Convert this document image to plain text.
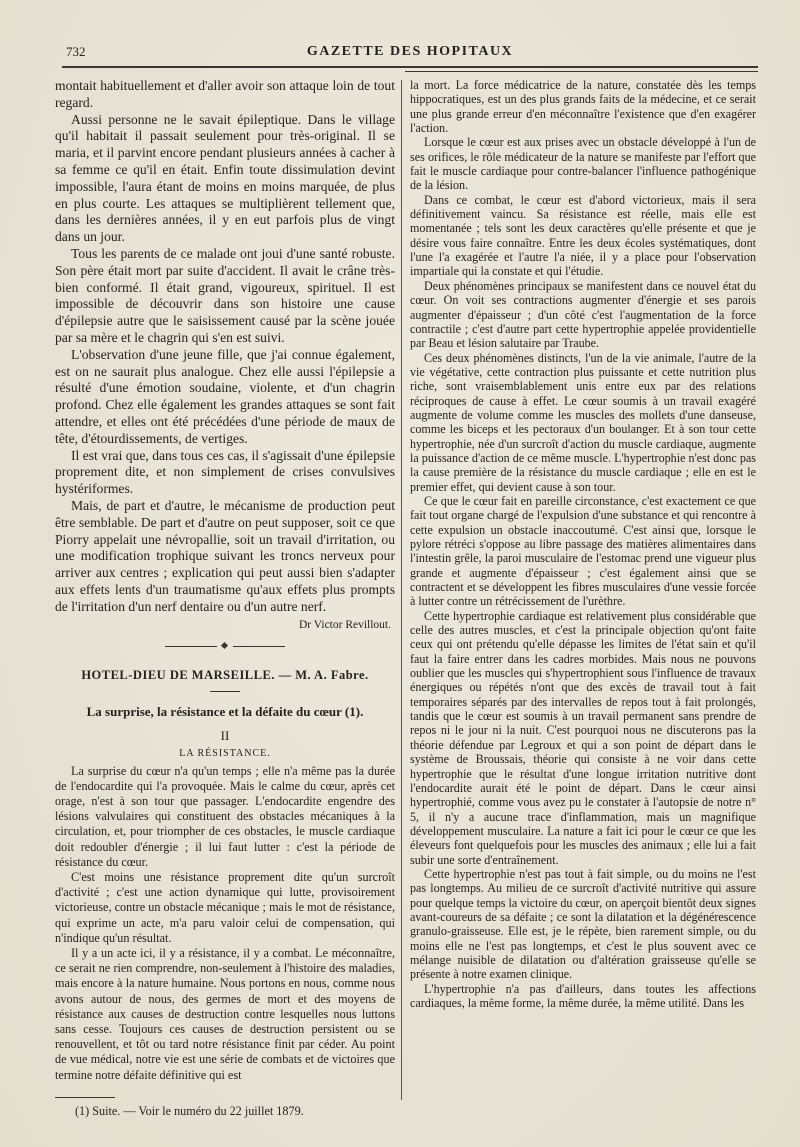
732	GAZETTE DES HOPITAUX

montait habituellement et d'aller avoir son attaque loin de tout regard.

Aussi personne ne le savait épileptique. Dans le village qu'il habitait il passait seulement pour très-original. Il se maria, et il parvint encore pendant plusieurs années à cacher à sa femme ce qu'il en était. Enfin toute dissimulation devint impossible, l'aura étant de moins en moins marquée, de plus en plus courte. Les attaques se multiplièrent tellement que, dans les dernières années, il y en eut parfois plus de vingt dans un jour.

Tous les parents de ce malade ont joui d'une santé robuste. Son père était mort par suite d'accident. Il avait le crâne très-bien conformé. Il était grand, vigoureux, spirituel. Il est impossible de découvrir dans son histoire une cause d'épilepsie autre que le saisissement causé par la scène jouée par sa mère et le chagrin qui s'en est suivi.

L'observation d'une jeune fille, que j'ai connue également, est on ne saurait plus analogue. Chez elle aussi l'épilepsie a résulté d'une émotion soudaine, violente, et d'un chagrin profond. Chez elle également les grandes attaques se sont fait attendre, et elles ont été précédées d'une période de maux de tête, d'étourdissements, de vertiges.

Il est vrai que, dans tous ces cas, il s'agissait d'une épilepsie proprement dite, et non simplement de crises convulsives hystériformes.

Mais, de part et d'autre, le mécanisme de production peut être semblable. De part et d'autre on peut supposer, soit ce que Piorry appelait une névropallie, soit un travail d'irritation, ou une modification trophique suivant les troncs nerveux pour arriver aux centres ; explication qui peut aussi bien s'adapter aux effets lents d'un traumatisme qu'aux effets plus prompts de l'irritation d'un nerf dentaire ou d'un autre nerf.

Dr Victor Revillout.
HOTEL-DIEU DE MARSEILLE. — M. A. Fabre.
La surprise, la résistance et la défaite du cœur (1).
II
LA RÉSISTANCE.

La surprise du cœur n'a qu'un temps ; elle n'a même pas la durée de l'endocardite qui l'a provoquée. Mais le calme du cœur, après cet orage, n'est à son tour que passager. L'endocardite engendre des lésions valvulaires qui constituent des obstacles mécaniques à la circulation, et, pour triompher de ces obstacles, le muscle cardiaque doit redoubler d'énergie ; il lui faut lutter : c'est la période de résistance du cœur.

C'est moins une résistance proprement dite qu'un surcroît d'activité ; c'est une action dynamique qui lutte, provisoirement victorieuse, contre un obstacle mécanique ; mais le mot de résistance, qui exprime un acte, m'a paru valoir celui de compensation, qui n'indique qu'un résultat.

Il y a un acte ici, il y a résistance, il y a combat. Le méconnaître, ce serait ne rien comprendre, non-seulement à l'histoire des maladies, mais encore à la nature humaine. Nous portons en nous, comme nous avons autour de nous, des germes de mort et des moyens de résistance aux causes de destruction contre lesquelles nous luttons sans cesse. Toujours ces causes de destruction persistent ou se renouvellent, et tôt ou tard notre résistance finit par céder. Au point de vue médical, notre vie est une série de combats et de victoires que termine notre défaite définitive qui est

(1) Suite. — Voir le numéro du 22 juillet 1879.

la mort. La force médicatrice de la nature, constatée dès les temps hippocratiques, est un des plus grands faits de la médecine, et ce serait une plus grande erreur d'en méconnaître l'existence que d'en exagérer l'action.

Lorsque le cœur est aux prises avec un obstacle développé à l'un de ses orifices, le rôle médicateur de la nature se manifeste par l'effort que fait le muscle cardiaque pour contre-balancer l'influence pathogénique de la lésion.

Dans ce combat, le cœur est d'abord victorieux, mais il sera définitivement vaincu. Sa résistance est réelle, mais elle est momentanée ; tels sont les deux caractères qu'elle présente et que je désire vous faire connaître. Entre les deux écoles systématiques, dont l'une l'a exagérée et l'autre l'a niée, il y a place pour l'observation impartiale qui la constate et qui l'étudie.

Deux phénomènes principaux se manifestent dans ce nouvel état du cœur. On voit ses contractions augmenter d'énergie et ses parois augmenter d'épaisseur ; d'un côté c'est l'augmentation de la force contractile ; c'est d'autre part cette hypertrophie appelée providentielle par Beau et lésion salutaire par Traube.

Ces deux phénomènes distincts, l'un de la vie animale, l'autre de la vie végétative, cette contraction plus puissante et cette nutrition plus riche, sont vraisemblablement unis entre eux par des relations réciproques de cause à effet. Le cœur soumis à un travail exagéré augmente de volume comme les muscles des mollets d'une danseuse, comme les biceps et les pectoraux d'un boulanger. Et à son tour cette hypertrophie, née d'un surcroît d'action du muscle cardiaque, augmente la puissance d'action de ce même muscle. L'hypertrophie n'est donc pas la cause première de la résistance du muscle cardiaque ; elle en est le premier effet, qui devient cause à son tour.

Ce que le cœur fait en pareille circonstance, c'est exactement ce que fait tout organe chargé de l'expulsion d'une substance et qui rencontre à cette expulsion un obstacle inaccoutumé. C'est ainsi que, lorsque le pylore rétréci s'oppose au libre passage des matières alimentaires dans l'intestin grêle, la paroi musculaire de l'estomac prend une vigueur plus grande et augmente d'épaisseur ; c'est également ainsi que se contractent et se développent les fibres musculaires d'une vessie forcée à lutter contre un rétrécissement de l'urèthre.

Cette hypertrophie cardiaque est relativement plus considérable que celle des autres muscles, et c'est la principale objection qu'ont faite ceux qui ont prétendu qu'elle dépasse les limites de l'état sain et qu'il faut la faire entrer dans les cadres morbides. Mais nous ne pouvons oublier que les muscles qui s'hypertrophient sous l'influence de travaux énergiques ou répétés n'ont que des excès de travail tout à fait temporaires séparés par des intervalles de repos tout à fait prolongés, tandis que le cœur est soumis à un travail permanent sans prendre de repos ni le jour ni la nuit. C'est pourquoi nous ne discuterons pas la théorie défendue par Legroux et qui a son point de départ dans le système de Broussais, théorie qui consiste à ne voir dans cette hypertrophie que le résultat d'une longue irritation nutritive dont l'endocardite aurait été le point de départ. Dans le cœur ainsi hypertrophié, comme vous avez pu le constater à l'autopsie de notre n° 5, il n'y a aucune trace d'inflammation, mais un magnifique développement musculaire. La nature a fait ici pour le cœur ce que les éleveurs font quelquefois pour les muscles des animaux ; elle lui a fait subir une sorte d'entraînement.

Cette hypertrophie n'est pas tout à fait simple, ou du moins ne l'est pas longtemps. Au milieu de ce surcroît d'activité nutritive qui assure pour quelque temps la victoire du cœur, on aperçoit bientôt deux signes avant-coureurs de sa défaite ; ce sont la dilatation et la dégénérescence granulo-graisseuse. Elle est, je le répète, bien rarement simple, ou du moins elle ne l'est pas longtemps, et c'est le plus souvent avec ce mélange nuisible de dilatation ou d'altération graisseuse qu'elle se présente à notre examen clinique.

L'hypertrophie n'a pas d'ailleurs, dans toutes les affections cardiaques, la même forme, la même durée, la même utilité. Dans les
